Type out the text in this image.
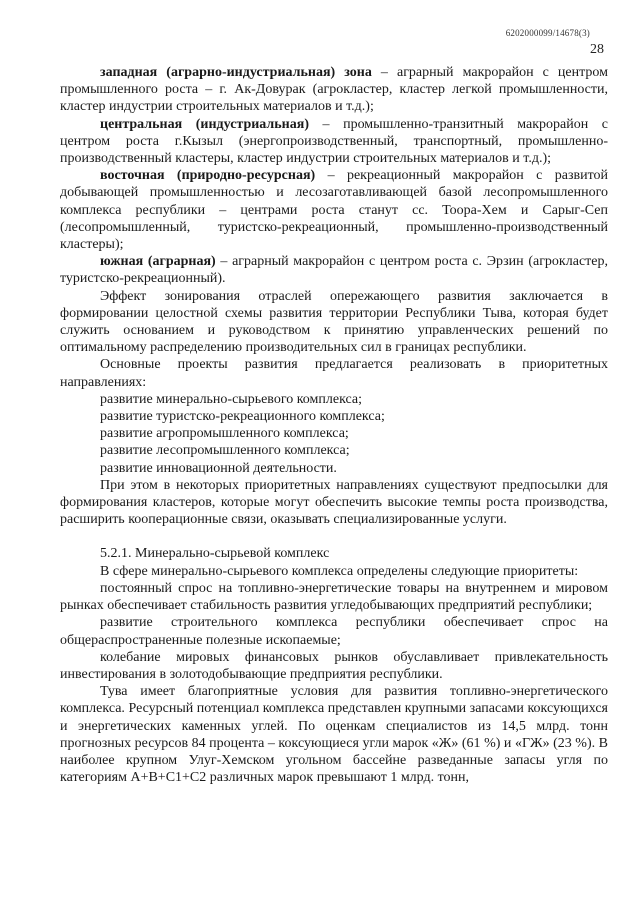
6202000099/14678(3)
28

западная (аграрно-индустриальная) зона – аграрный макрорайон с центром промышленного роста – г. Ак-Довурак (агрокластер, кластер легкой промышленности, кластер индустрии строительных материалов и т.д.);

центральная (индустриальная) – промышленно-транзитный макрорайон с центром роста г.Кызыл (энергопроизводственный, транспортный, промышленно-производственный кластеры, кластер индустрии строительных материалов и т.д.);

восточная (природно-ресурсная) – рекреационный макрорайон с развитой добывающей промышленностью и лесозаготавливающей базой лесопромышленного комплекса республики – центрами роста станут сс. Тоора-Хем и Сарыг-Сеп (лесопромышленный, туристско-рекреационный, промышленно-производственный кластеры);

южная (аграрная) – аграрный макрорайон с центром роста с. Эрзин (агрокластер, туристско-рекреационный).

Эффект зонирования отраслей опережающего развития заключается в формировании целостной схемы развития территории Республики Тыва, которая будет служить основанием и руководством к принятию управленческих решений по оптимальному распределению производительных сил в границах республики.

Основные проекты развития предлагается реализовать в приоритетных направлениях:

развитие минерально-сырьевого комплекса;

развитие туристско-рекреационного комплекса;

развитие агропромышленного комплекса;

развитие лесопромышленного комплекса;

развитие инновационной деятельности.

При этом в некоторых приоритетных направлениях существуют предпосылки для формирования кластеров, которые могут обеспечить высокие темпы роста производства, расширить кооперационные связи, оказывать специализированные услуги.

5.2.1. Минерально-сырьевой комплекс

В сфере минерально-сырьевого комплекса определены следующие приоритеты:

постоянный спрос на топливно-энергетические товары на внутреннем и мировом рынках обеспечивает стабильность развития угледобывающих предприятий республики;

развитие строительного комплекса республики обеспечивает спрос на общераспространенные полезные ископаемые;

колебание мировых финансовых рынков обуславливает привлекательность инвестирования в золотодобывающие предприятия республики.

Тува имеет благоприятные условия для развития топливно-энергетического комплекса. Ресурсный потенциал комплекса представлен крупными запасами коксующихся и энергетических каменных углей. По оценкам специалистов из 14,5 млрд. тонн прогнозных ресурсов 84 процента – коксующиеся угли марок «Ж» (61 %) и «ГЖ» (23 %). В наиболее крупном Улуг-Хемском угольном бассейне разведанные запасы угля по категориям А+В+С1+С2 различных марок превышают 1 млрд. тонн,
